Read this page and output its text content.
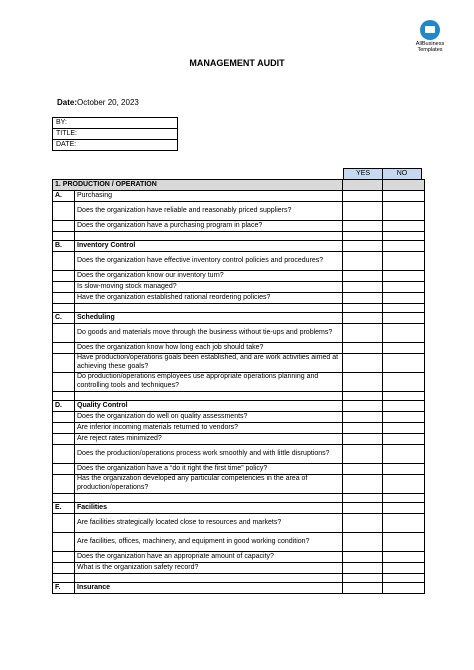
AllBusiness
Templates
MANAGEMENT AUDIT
Date:October 20, 2023
BY:
TITLE:
DATE:
YES	NO
1. PRODUCTION / OPERATION			
A.	Purchasing		
	Does the organization have reliable and reasonably priced suppliers?		
	Does the organization have a purchasing program in place?		

B.	Inventory Control		
	Does the organization have effective inventory control policies and procedures?		
	Does the organization know our inventory turn?		
	Is slow-moving stock managed?		
	Have the organization established rational reordering policies?		

C.	Scheduling		
	Do goods and materials move through the business without tie-ups and problems?		
	Does the organization know how long each job should take?		
	Have production/operations goals been established, and are work activities aimed at achieving these goals?		
	Do production/operations employees use appropriate operations planning and controlling tools and techniques?		

D.	Quality Control		
	Does the organization do well on quality assessments?		
	Are inferior incoming materials returned to vendors?		
	Are reject rates minimized?		
	Does the production/operations process work smoothly and with little disruptions?		
	Does the organization have a “do it right the first time” policy?		
	Has the organization developed any particular competencies in the area of production/operations?		

E.	Facilities		
	Are facilities strategically located close to resources and markets?		
	Are facilities, offices, machinery, and equipment in good working condition?		
	Does the organization have an appropriate amount of capacity?		
	What is the organization safety record?		

F.	Insurance		
